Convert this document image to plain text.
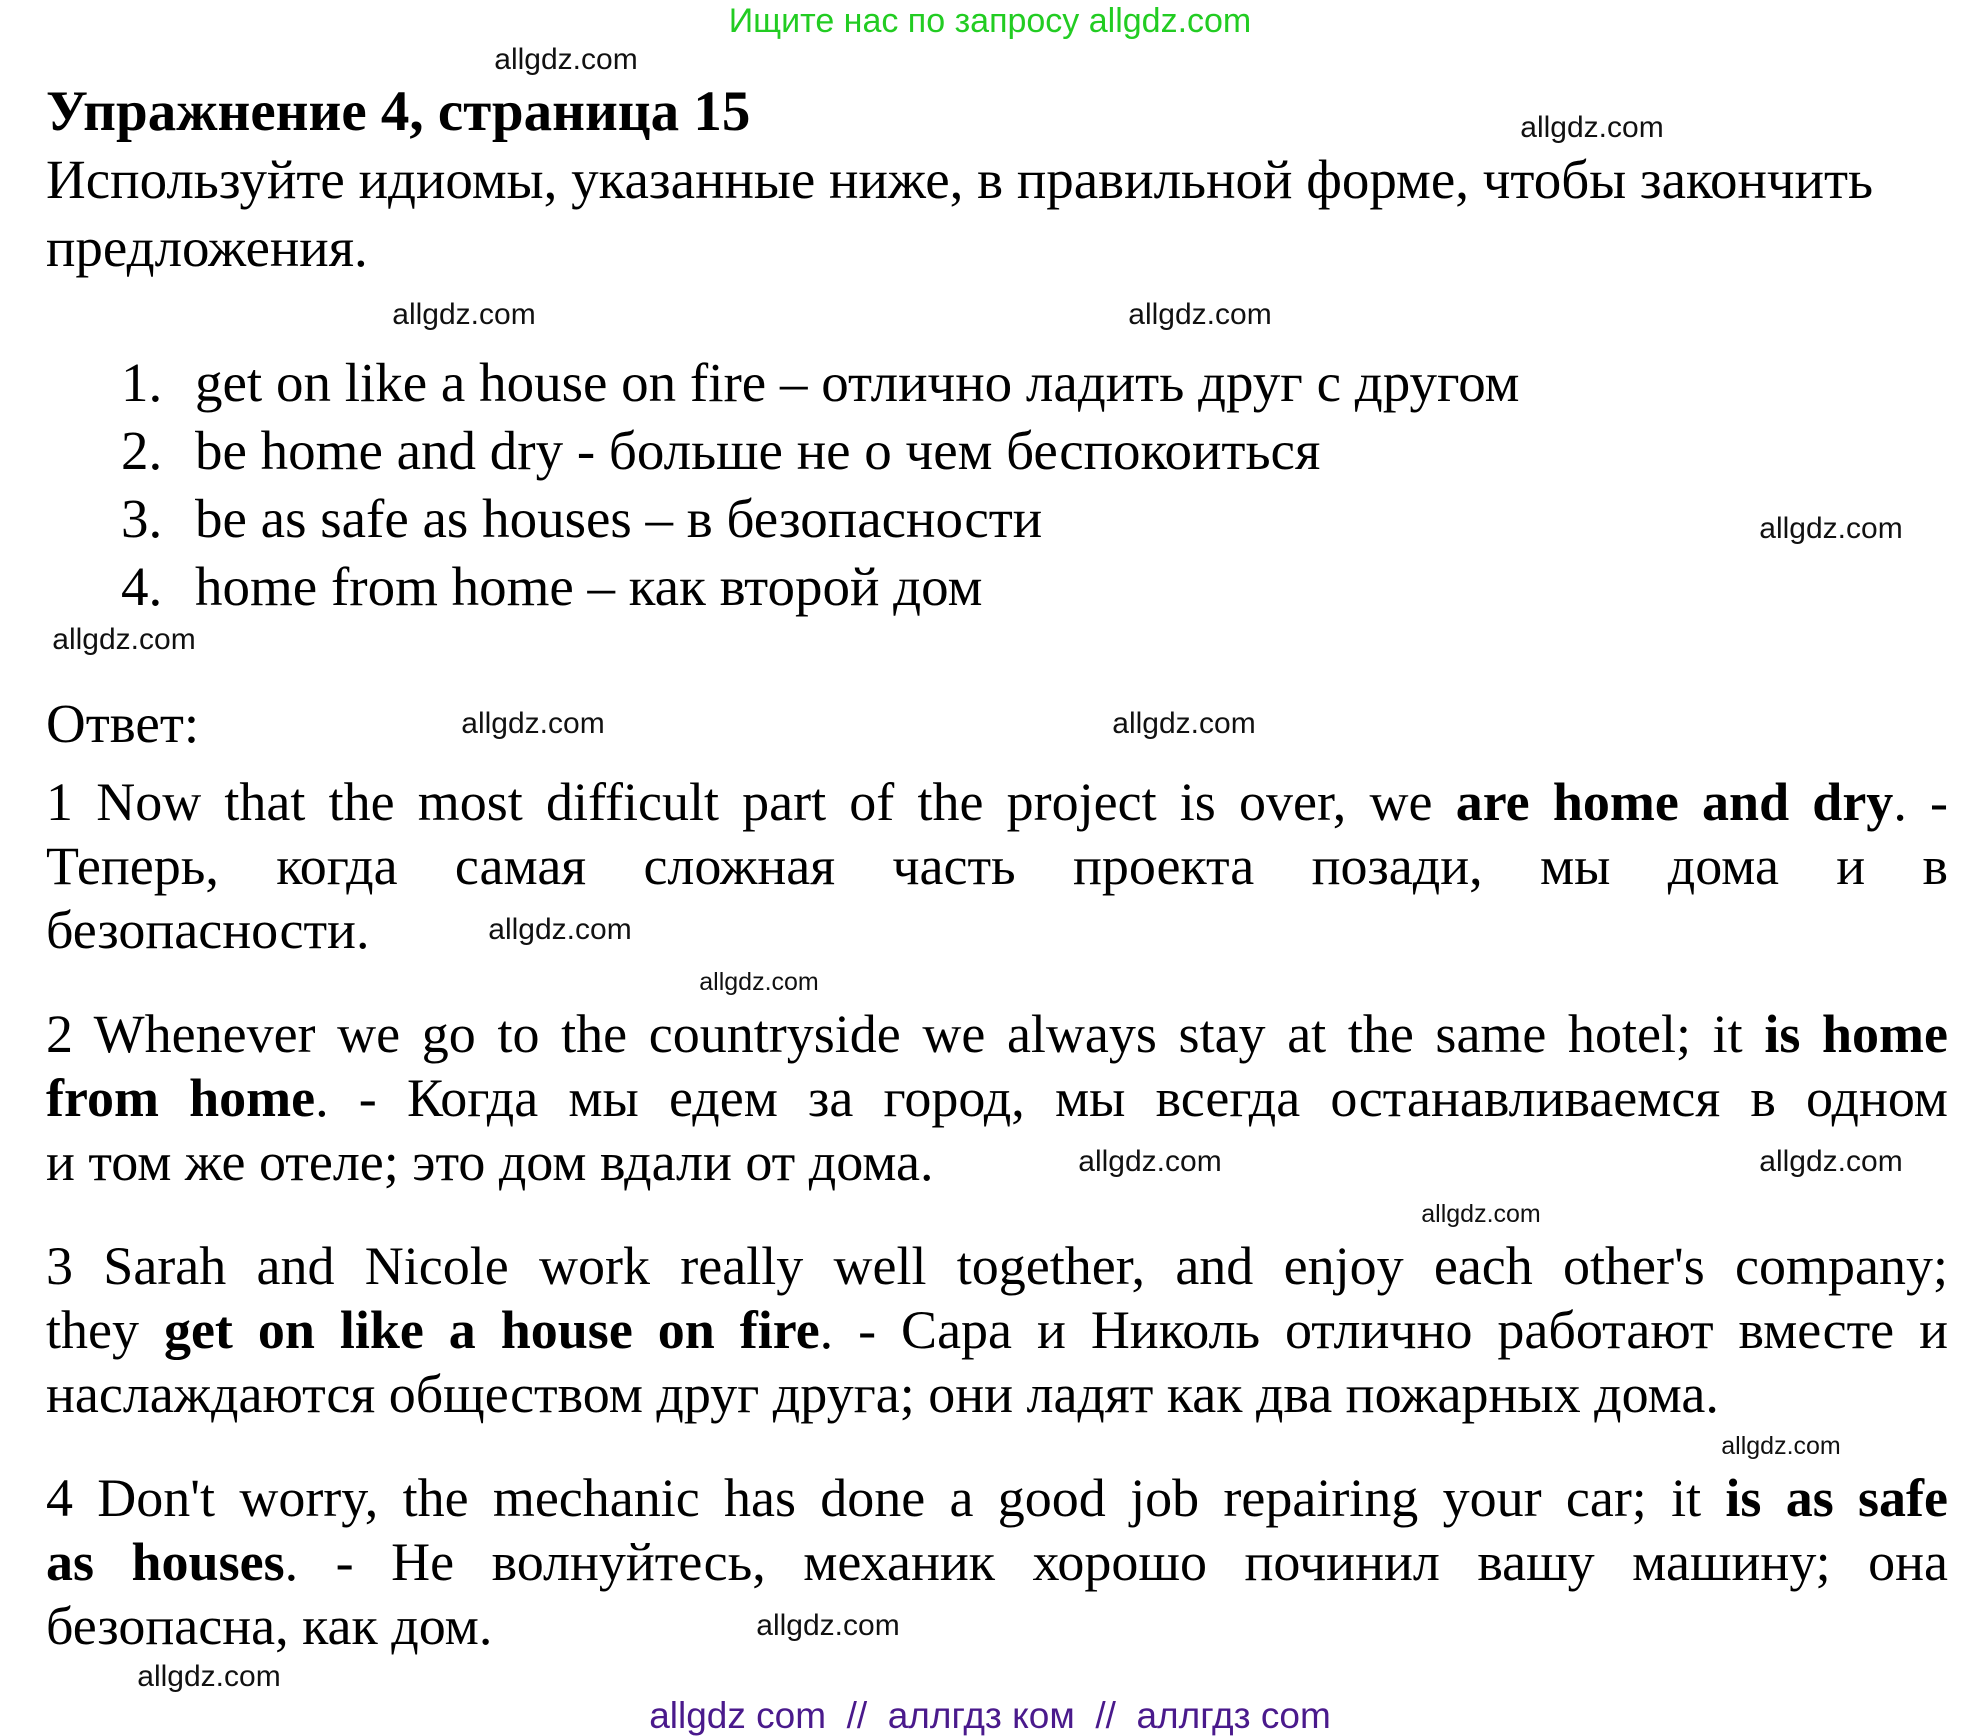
Ищите нас по запросу allgdz.com
Упражнение 4, страница 15
Используйте идиомы, указанные ниже, в правильной форме, чтобы закончить предложения.
1. get on like a house on fire – отлично ладить друг с другом
2. be home and dry - больше не о чем беспокоиться
3. be as safe as houses – в безопасности
4. home from home – как второй дом
Ответ:
1 Now that the most difficult part of the project is over, we are home and dry. -
Теперь, когда самая сложная часть проекта позади, мы дома и в
безопасности.
2 Whenever we go to the countryside we always stay at the same hotel; it is home
from home. - Когда мы едем за город, мы всегда останавливаемся в одном
и том же отеле; это дом вдали от дома.
3 Sarah and Nicole work really well together, and enjoy each other's company;
they get on like a house on fire. - Сара и Николь отлично работают вместе и
наслаждаются обществом друг друга; они ладят как два пожарных дома.
4 Don't worry, the mechanic has done a good job repairing your car; it is as safe
as houses. - Не волнуйтесь, механик хорошо починил вашу машину; она
безопасна, как дом.
allgdz.com
allgdz.com
allgdz.com	allgdz.com
allgdz.com
allgdz.com
allgdz.com	allgdz.com
allgdz.com
allgdz.com	allgdz.com
allgdz.com
allgdz.com
allgdz.com
allgdz.com
allgdz.com
allgdz com  //  аллгдз ком  //  аллгдз com
